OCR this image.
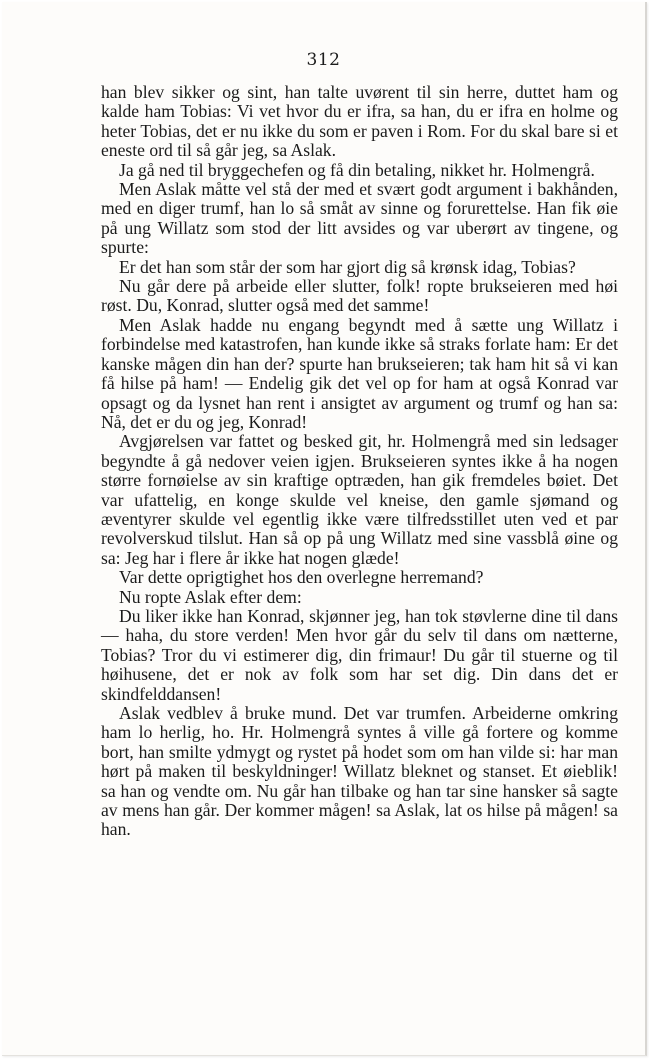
312

han blev sikker og sint, han talte uvørent til sin herre, duttet ham og kalde ham Tobias: Vi vet hvor du er ifra, sa han, du er ifra en holme og heter Tobias, det er nu ikke du som er paven i Rom. For du skal bare si et eneste ord til så går jeg, sa Aslak.

Ja gå ned til bryggechefen og få din betaling, nikket hr. Holmengrå.

Men Aslak måtte vel stå der med et svært godt argument i bakhånden, med en diger trumf, han lo så småt av sinne og forurettelse. Han fik øie på ung Willatz som stod der litt avsides og var uberørt av tingene, og spurte:

Er det han som står der som har gjort dig så krønsk idag, Tobias?

Nu går dere på arbeide eller slutter, folk! ropte brukseieren med høi røst. Du, Konrad, slutter også med det samme!

Men Aslak hadde nu engang begyndt med å sætte ung Willatz i forbindelse med katastrofen, han kunde ikke så straks forlate ham: Er det kanske mågen din han der? spurte han brukseieren; tak ham hit så vi kan få hilse på ham! — Endelig gik det vel op for ham at også Konrad var opsagt og da lysnet han rent i ansigtet av argument og trumf og han sa: Nå, det er du og jeg, Konrad!

Avgjørelsen var fattet og besked git, hr. Holmengrå med sin ledsager begyndte å gå nedover veien igjen. Brukseieren syntes ikke å ha nogen større fornøielse av sin kraftige optræden, han gik fremdeles bøiet. Det var ufattelig, en konge skulde vel kneise, den gamle sjømand og æventyrer skulde vel egentlig ikke være tilfredsstillet uten ved et par revolverskud tilslut. Han så op på ung Willatz med sine vassblå øine og sa: Jeg har i flere år ikke hat nogen glæde!

Var dette oprigtighet hos den overlegne herremand?

Nu ropte Aslak efter dem:

Du liker ikke han Konrad, skjønner jeg, han tok støvlerne dine til dans — haha, du store verden! Men hvor går du selv til dans om nætterne, Tobias? Tror du vi estimerer dig, din frimaur! Du går til stuerne og til høihusene, det er nok av folk som har set dig. Din dans det er skindfelddansen!

Aslak vedblev å bruke mund. Det var trumfen. Arbeiderne omkring ham lo herlig, ho. Hr. Holmengrå syntes å ville gå fortere og komme bort, han smilte ydmygt og rystet på hodet som om han vilde si: har man hørt på maken til beskyldninger! Willatz bleknet og stanset. Et øieblik! sa han og vendte om. Nu går han tilbake og han tar sine hansker så sagte av mens han går. Der kommer mågen! sa Aslak, lat os hilse på mågen! sa han.
